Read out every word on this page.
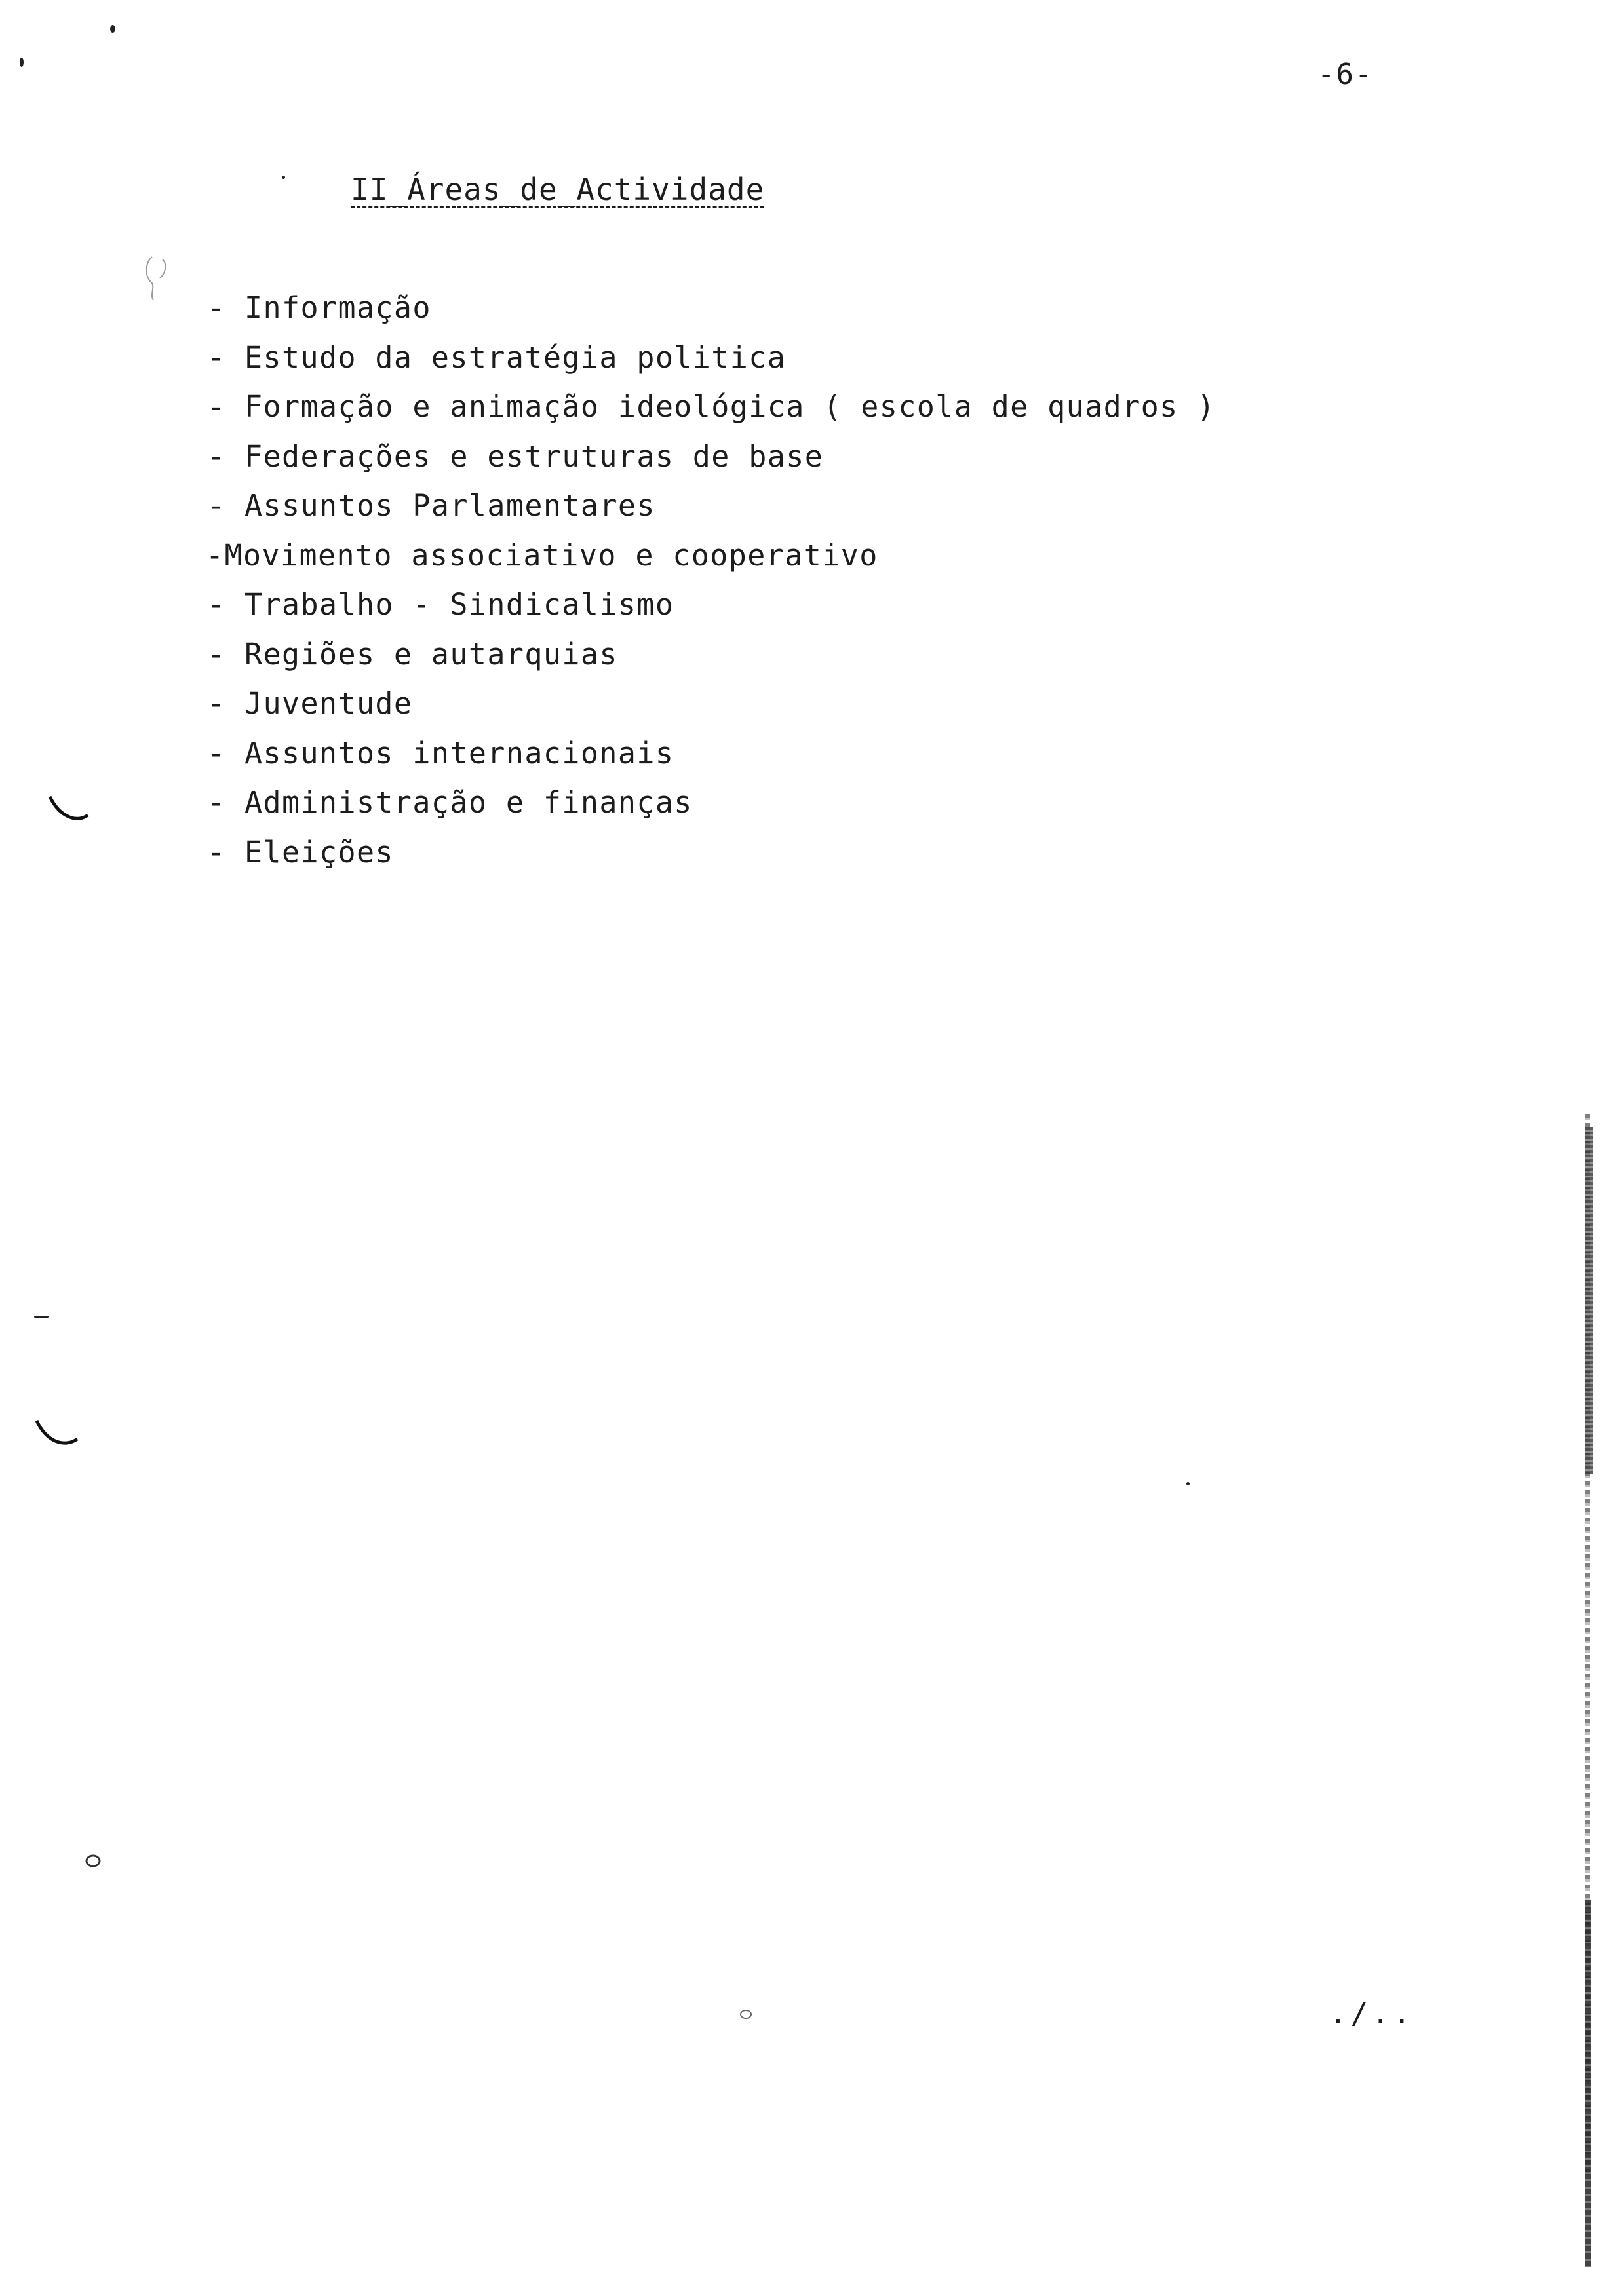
-6-
II_Áreas_de_Actividade
- Informação
- Estudo da estratégia politica
- Formação e animação ideológica ( escola de quadros )
- Federações e estruturas de base
- Assuntos Parlamentares
-Movimento associativo e cooperativo
- Trabalho - Sindicalismo
- Regiões e autarquias
- Juventude
- Assuntos internacionais
- Administração e finanças
- Eleições
./..
